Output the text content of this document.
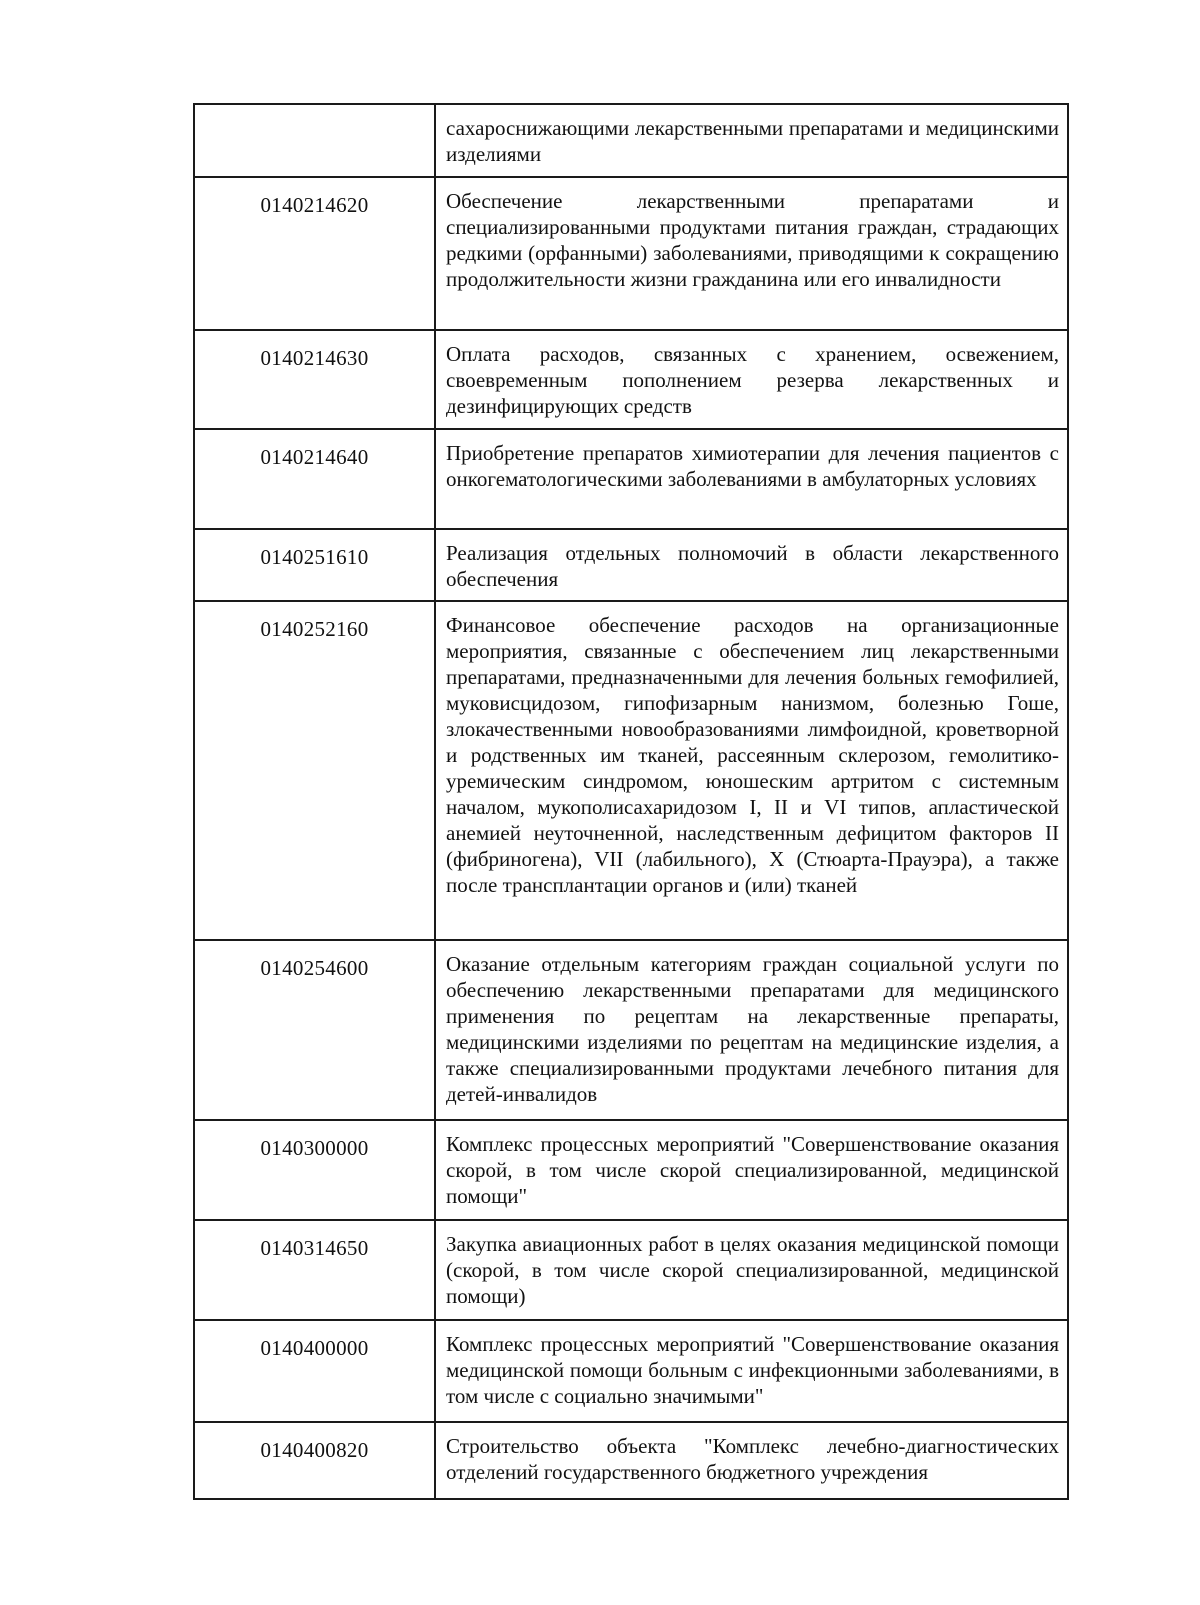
	сахароснижающими лекарственными препаратами и медицинскими изделиями
0140214620	Обеспечение лекарственными препаратами и специализированными продуктами питания граждан, страдающих редкими (орфанными) заболеваниями, приводящими к сокращению продолжительности жизни гражданина или его инвалидности
0140214630	Оплата расходов, связанных с хранением, освежением, своевременным пополнением резерва лекарственных и дезинфицирующих средств
0140214640	Приобретение препаратов химиотерапии для лечения пациентов с онкогематологическими заболеваниями в амбулаторных условиях
0140251610	Реализация отдельных полномочий в области лекарственного обеспечения
0140252160	Финансовое обеспечение расходов на организационные мероприятия, связанные с обеспечением лиц лекарственными препаратами, предназначенными для лечения больных гемофилией, муковисцидозом, гипофизарным нанизмом, болезнью Гоше, злокачественными новообразованиями лимфоидной, кроветворной и родственных им тканей, рассеянным склерозом, гемолитико-уремическим синдромом, юношеским артритом с системным началом, мукополисахаридозом I, II и VI типов, апластической анемией неуточненной, наследственным дефицитом факторов II (фибриногена), VII (лабильного), X (Стюарта-Прауэра), а также после трансплантации органов и (или) тканей
0140254600	Оказание отдельным категориям граждан социальной услуги по обеспечению лекарственными препаратами для медицинского применения по рецептам на лекарственные препараты, медицинскими изделиями по рецептам на медицинские изделия, а также специализированными продуктами лечебного питания для детей-инвалидов
0140300000	Комплекс процессных мероприятий "Совершенствование оказания скорой, в том числе скорой специализированной, медицинской помощи"
0140314650	Закупка авиационных работ в целях оказания медицинской помощи (скорой, в том числе скорой специализированной, медицинской помощи)
0140400000	Комплекс процессных мероприятий "Совершенствование оказания медицинской помощи больным с инфекционными заболеваниями, в том числе с социально значимыми"
0140400820	Строительство объекта "Комплекс лечебно-диагностических отделений государственного бюджетного учреждения
